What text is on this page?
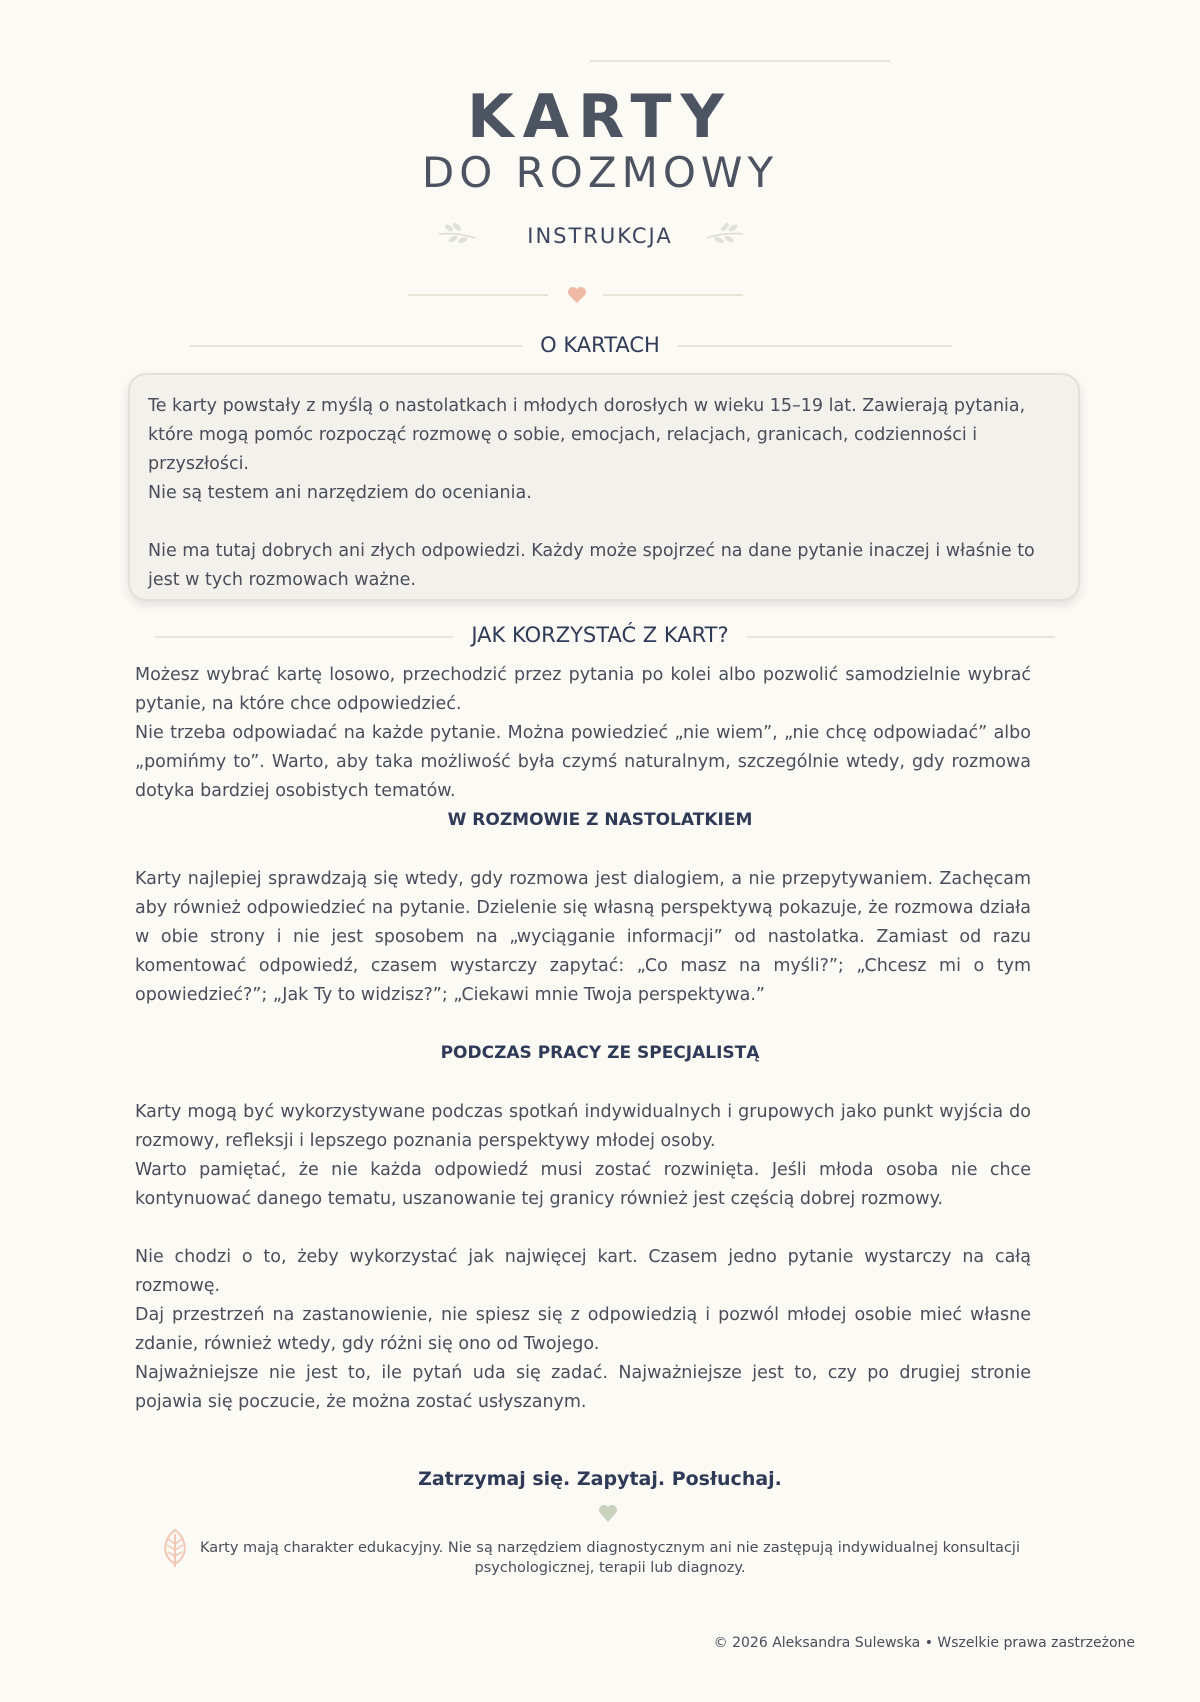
KARTY
DO ROZMOWY
INSTRUKCJA
O KARTACH

Te karty powstały z myślą o nastolatkach i młodych dorosłych w wieku 15–19 lat. Zawierają pytania, które mogą pomóc rozpocząć rozmowę o sobie, emocjach, relacjach, granicach, codzienności i przyszłości.

Nie są testem ani narzędziem do oceniania.

Nie ma tutaj dobrych ani złych odpowiedzi. Każdy może spojrzeć na dane pytanie inaczej i właśnie to jest w tych rozmowach ważne.

JAK KORZYSTAĆ Z KART?

Możesz wybrać kartę losowo, przechodzić przez pytania po kolei albo pozwolić samodzielnie wybrać pytanie, na które chce odpowiedzieć.

Nie trzeba odpowiadać na każde pytanie. Można powiedzieć „nie wiem”, „nie chcę odpowiadać” albo „pomińmy to”. Warto, aby taka możliwość była czymś naturalnym, szczególnie wtedy, gdy rozmowa dotyka bardziej osobistych tematów.

W ROZMOWIE Z NASTOLATKIEM

Karty najlepiej sprawdzają się wtedy, gdy rozmowa jest dialogiem, a nie przepytywaniem. Zachęcam aby również odpowiedzieć na pytanie. Dzielenie się własną perspektywą pokazuje, że rozmowa działa w obie strony i nie jest sposobem na „wyciąganie informacji” od nastolatka. Zamiast od razu komentować odpowiedź, czasem wystarczy zapytać: „Co masz na myśli?”; „Chcesz mi o tym opowiedzieć?”; „Jak Ty to widzisz?”; „Ciekawi mnie Twoja perspektywa.”

PODCZAS PRACY ZE SPECJALISTĄ

Karty mogą być wykorzystywane podczas spotkań indywidualnych i grupowych jako punkt wyjścia do rozmowy, refleksji i lepszego poznania perspektywy młodej osoby.

Warto pamiętać, że nie każda odpowiedź musi zostać rozwinięta. Jeśli młoda osoba nie chce kontynuować danego tematu, uszanowanie tej granicy również jest częścią dobrej rozmowy.

Nie chodzi o to, żeby wykorzystać jak najwięcej kart. Czasem jedno pytanie wystarczy na całą rozmowę.

Daj przestrzeń na zastanowienie, nie spiesz się z odpowiedzią i pozwól młodej osobie mieć własne zdanie, również wtedy, gdy różni się ono od Twojego.

Najważniejsze nie jest to, ile pytań uda się zadać. Najważniejsze jest to, czy po drugiej stronie pojawia się poczucie, że można zostać usłyszanym.

Zatrzymaj się. Zapytaj. Posłuchaj.
Karty mają charakter edukacyjny. Nie są narzędziem diagnostycznym ani nie zastępują indywidualnej konsultacji psychologicznej, terapii lub diagnozy.
© 2026 Aleksandra Sulewska • Wszelkie prawa zastrzeżone
